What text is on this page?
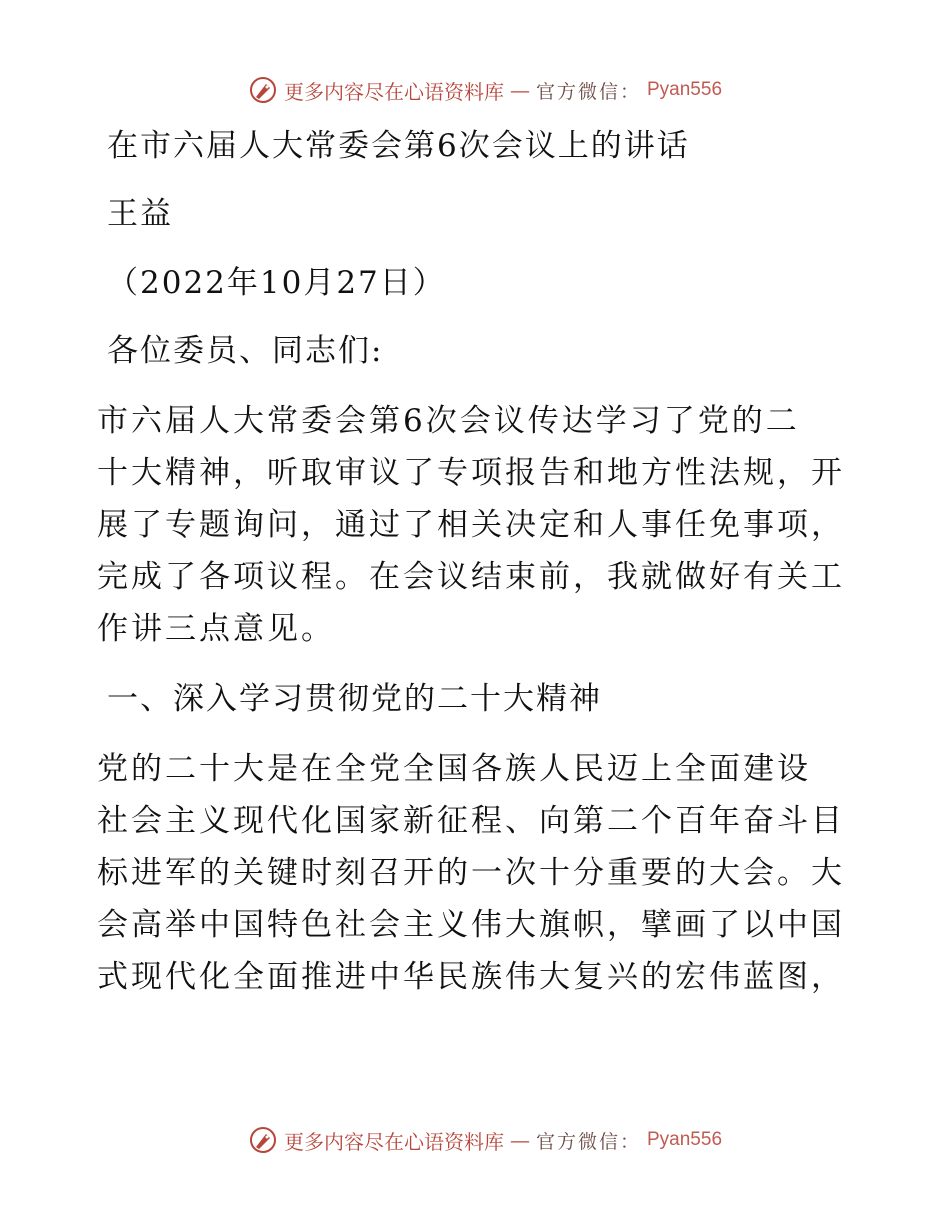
更多内容尽在心语资料库 — 官方微信： Pyan556
在市六届人大常委会第6次会议上的讲话
王益
（2022年10月27日）
各位委员、同志们:

市六届人大常委会第6次会议传达学习了党的二

十大精神，听取审议了专项报告和地方性法规，开

展了专题询问，通过了相关决定和人事任免事项，

完成了各项议程。在会议结束前，我就做好有关工

作讲三点意见。

一、深入学习贯彻党的二十大精神

党的二十大是在全党全国各族人民迈上全面建设

社会主义现代化国家新征程、向第二个百年奋斗目

标进军的关键时刻召开的一次十分重要的大会。大

会高举中国特色社会主义伟大旗帜，擘画了以中国

式现代化全面推进中华民族伟大复兴的宏伟蓝图，

更多内容尽在心语资料库 — 官方微信： Pyan556
